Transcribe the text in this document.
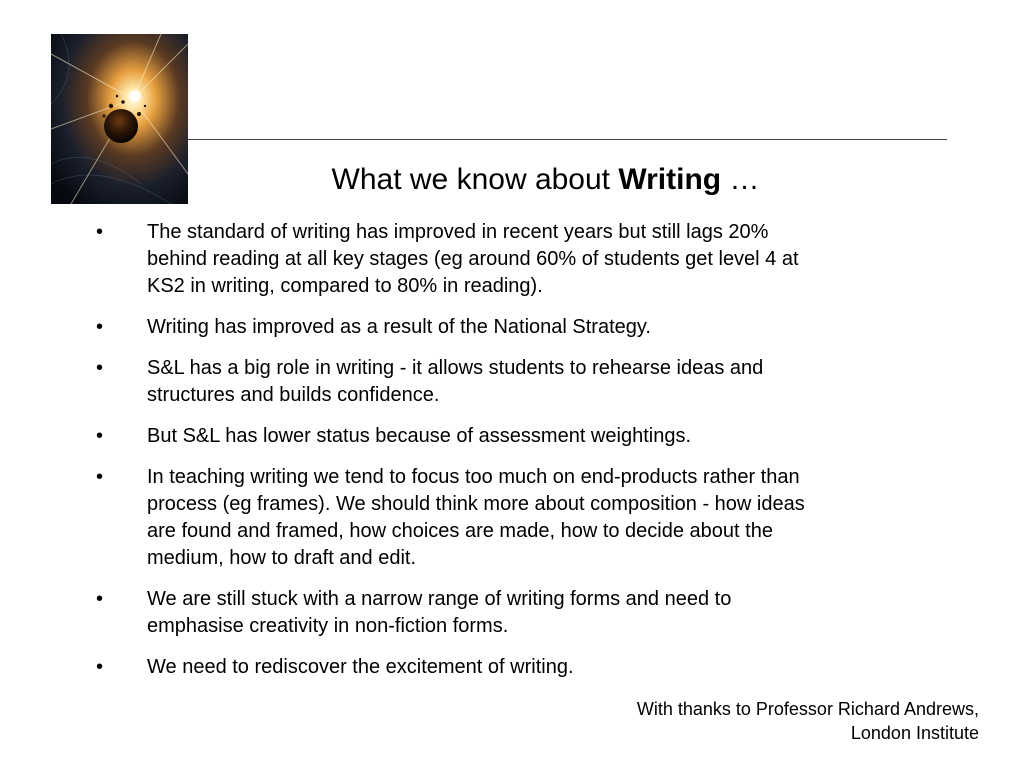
What we know about Writing …
•	The standard of writing has improved in recent years but still lags 20%
behind reading at all key stages (eg around 60% of students get level 4 at
KS2 in writing, compared to 80% in reading).
•	Writing has improved as a result of the National Strategy.
•	S&L has a big role in writing - it allows students to rehearse ideas and
structures and builds confidence.
•	But S&L has lower status because of assessment weightings.
•	In teaching writing we tend to focus too much on end-products rather than
process (eg frames). We should think more about composition - how ideas
are found and framed, how choices are made, how to decide about the
medium, how to draft and edit.
•	We are still stuck with a narrow range of writing forms and need to
emphasise creativity in non-fiction forms.
•	We need to rediscover the excitement of writing.
With thanks to Professor Richard Andrews,
London Institute
